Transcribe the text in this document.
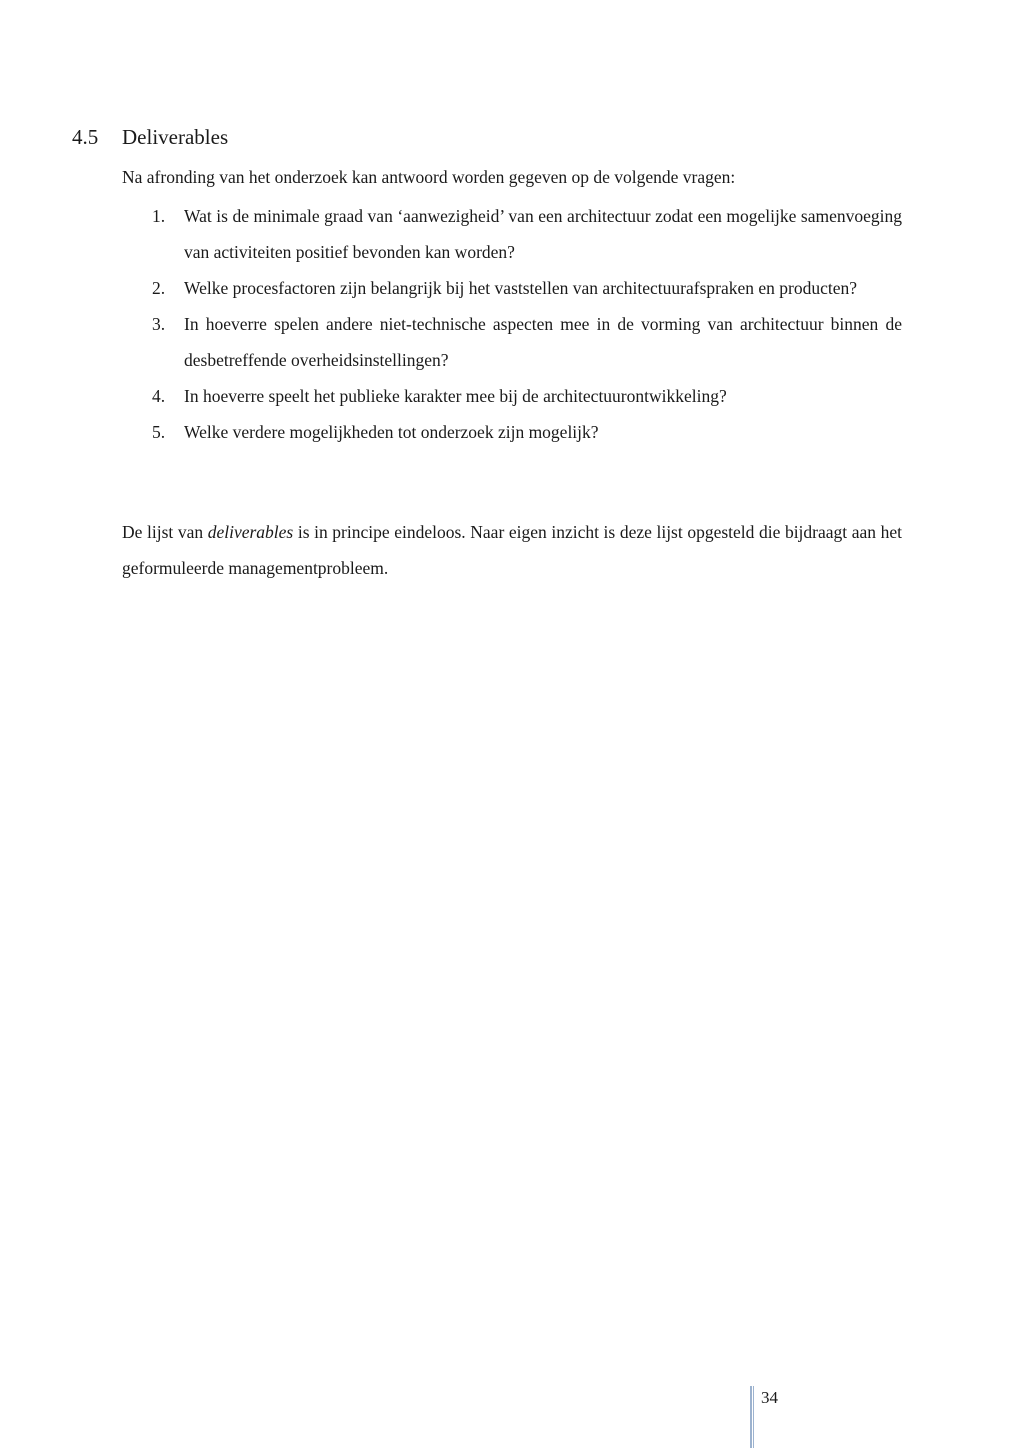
4.5 Deliverables

Na afronding van het onderzoek kan antwoord worden gegeven op de volgende vragen:

1. Wat is de minimale graad van ‘aanwezigheid’ van een architectuur zodat een mogelijke samenvoeging van activiteiten positief bevonden kan worden?
2. Welke procesfactoren zijn belangrijk bij het vaststellen van architectuurafspraken en producten?
3. In hoeverre spelen andere niet-technische aspecten mee in de vorming van architectuur binnen de desbetreffende overheidsinstellingen?
4. In hoeverre speelt het publieke karakter mee bij de architectuurontwikkeling?
5. Welke verdere mogelijkheden tot onderzoek zijn mogelijk?

De lijst van deliverables is in principe eindeloos. Naar eigen inzicht is deze lijst opgesteld die bijdraagt aan het geformuleerde managementprobleem.

34
